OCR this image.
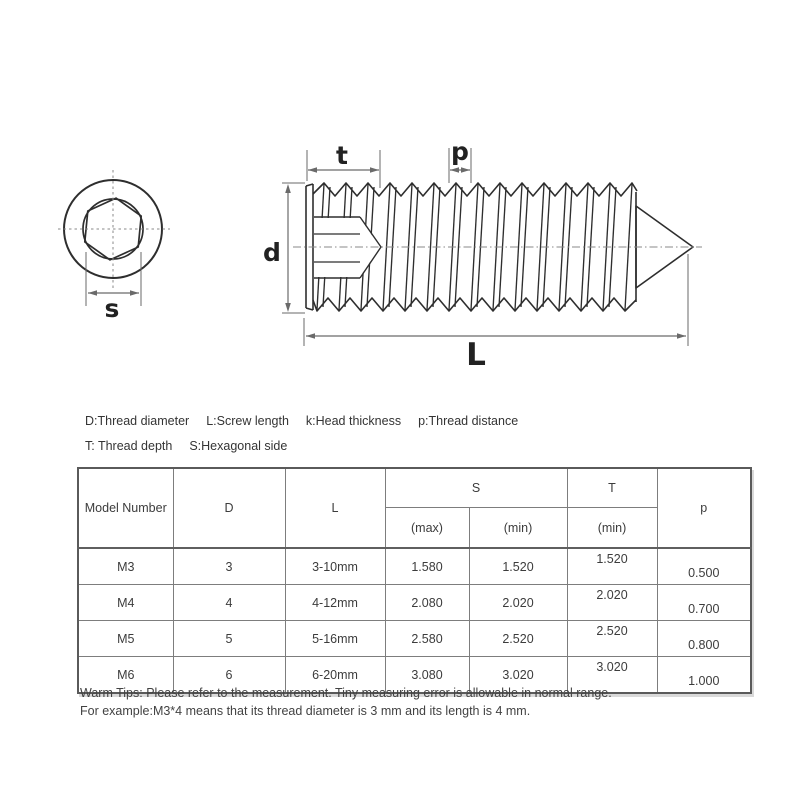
t	p
d
L
s
D:Thread diameter L:Screw length k:Head thickness p:Thread distance
T: Thread depth S:Hexagonal side
Model Number	D	L	S		T	p
			(max)	(min)	(min)	
M3	3	3-10mm	1.580	1.520	1.520	0.500
M4	4	4-12mm	2.080	2.020	2.020	0.700
M5	5	5-16mm	2.580	2.520	2.520	0.800
M6	6	6-20mm	3.080	3.020	3.020	1.000
Warm Tips: Please refer to the measurement. Tiny measuring error is allowable in normal range.
For example:M3*4 means that its thread diameter is 3 mm and its length is 4 mm.
